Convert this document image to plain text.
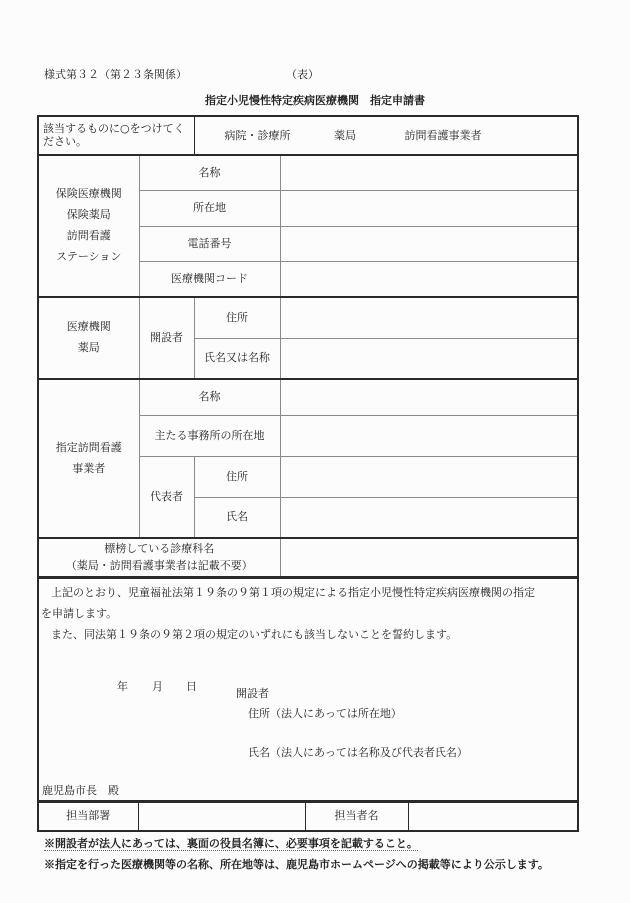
様式第３２（第２３条関係）	（表）
指定小児慢性特定疾病医療機関　指定申請書
該当するものに○をつけてください。		病院・診療所 薬局 訪問看護事業者	

保険医療機関
保険薬局
訪問看護
ステーション	名称		
	所在地		
	電話番号		
	医療機関コード		

医療機関
薬局	開設者	住所	
		氏名又は名称	

指定訪問看護
事業者	名称		
	主たる事務所の所在地		
	代表者	住所	
		氏名	

標榜している診療科名
（薬局・訪問看護事業者は記載不要）			

上記のとおり、児童福祉法第１９条の９第１項の規定による指定小児慢性特定疾病医療機関の指定
を申請します。
また、同法第１９条の９第２項の規定のいずれにも該当しないことを誓約します。
年 月 日
開設者
住所（法人にあっては所在地）
氏名（法人にあっては名称及び代表者氏名）
鹿児島市長　殿
担当部署		担当者名	
※開設者が法人にあっては、裏面の役員名簿に、必要事項を記載すること。
※指定を行った医療機関等の名称、所在地等は、鹿児島市ホームページへの掲載等により公示します。
